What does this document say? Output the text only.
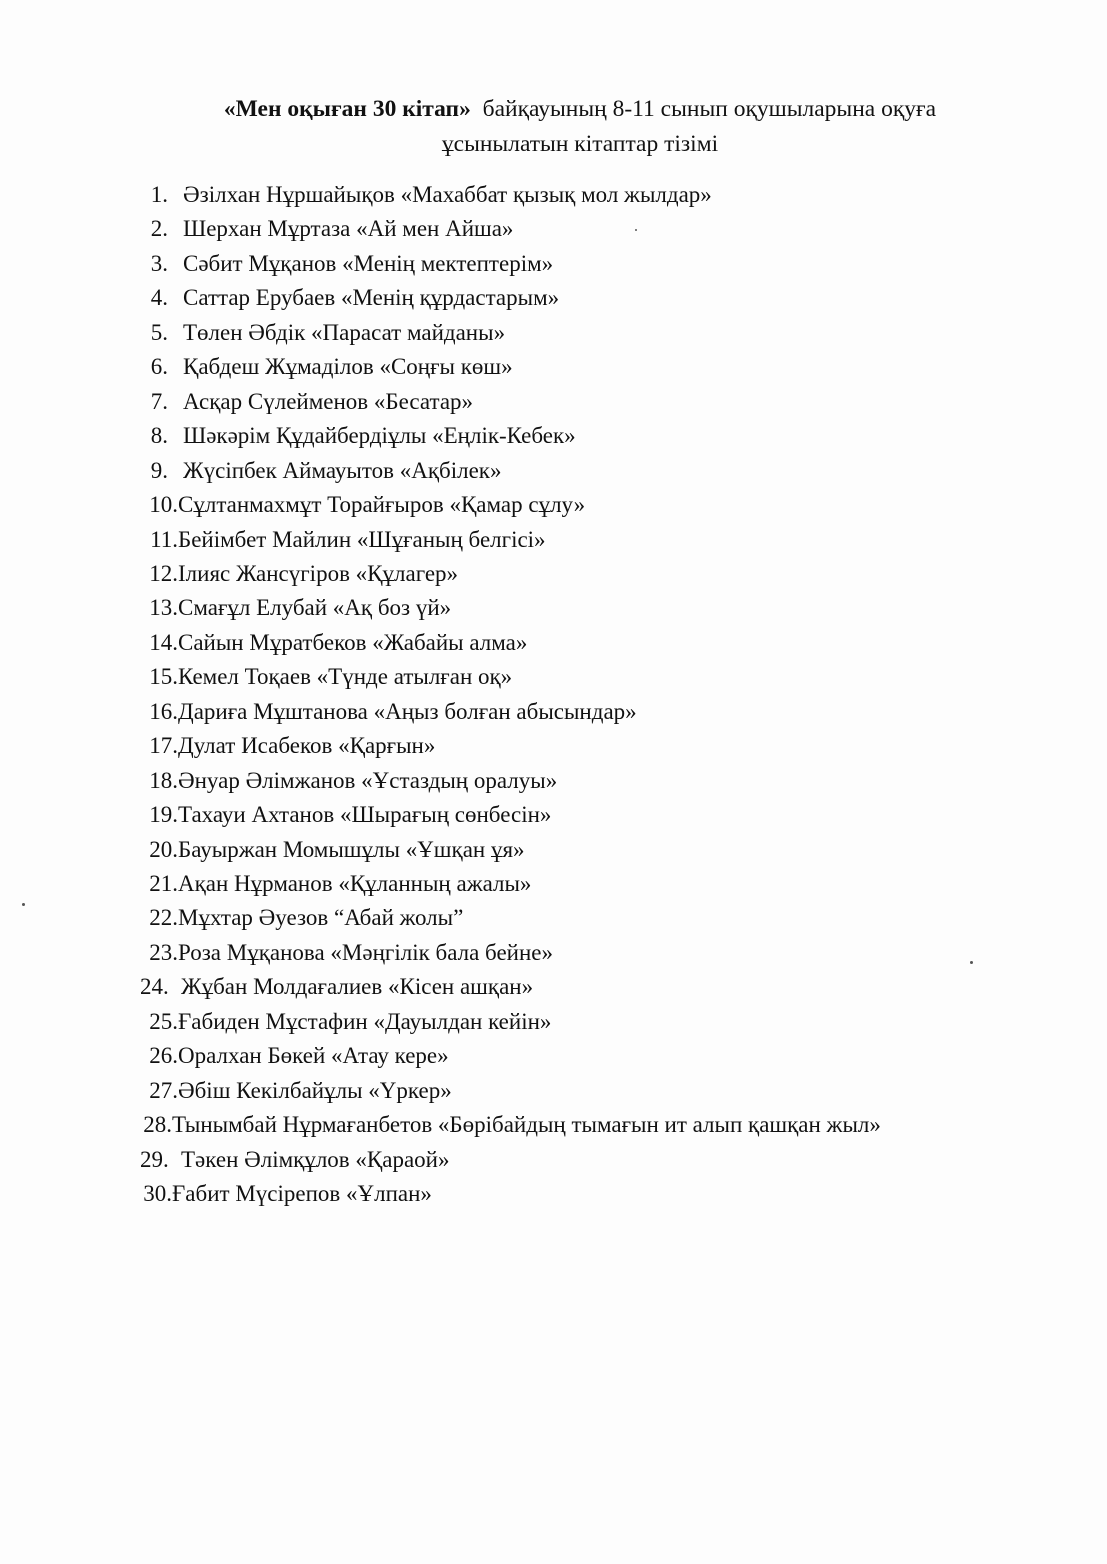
«Мен оқыған 30 кітап» байқауының 8-11 сынып оқушыларына оқуға
ұсынылатын кітаптар тізімі
1. Әзілхан Нұршайықов «Махаббат қызық мол жылдар»
2. Шерхан Мұртаза «Ай мен Айша»
3. Сәбит Мұқанов «Менің мектептерім»
4. Саттар Ерубаев «Менің құрдастарым»
5. Төлен Әбдік «Парасат майданы»
6. Қабдеш Жұмаділов «Соңғы көш»
7. Асқар Сүлейменов «Бесатар»
8. Шәкәрім Құдайбердіұлы «Еңлік-Кебек»
9. Жүсіпбек Аймауытов «Ақбілек»
10.Сұлтанмахмұт Торайғыров «Қамар сұлу»
11.Бейімбет Майлин «Шұғаның белгісі»
12.Ілияс Жансүгіров «Құлагер»
13.Смағұл Елубай «Ақ боз үй»
14.Сайын Мұратбеков «Жабайы алма»
15.Кемел Тоқаев «Түнде атылған оқ»
16.Дариға Мұштанова «Аңыз болған абысындар»
17.Дулат Исабеков «Қарғын»
18.Әнуар Әлімжанов «Ұстаздың оралуы»
19.Тахауи Ахтанов «Шырағың сөнбесін»
20.Бауыржан Момышұлы «Ұшқан ұя»
21.Ақан Нұрманов «Құланның ажалы»
22.Мұхтар Әуезов “Абай жолы”
23.Роза Мұқанова «Мәңгілік бала бейне»
24. Жұбан Молдағалиев «Кісен ашқан»
25.Ғабиден Мұстафин «Дауылдан кейін»
26.Оралхан Бөкей «Атау кере»
27.Әбіш Кекілбайұлы «Үркер»
28.Тынымбай Нұрмағанбетов «Бөрібайдың тымағын ит алып қашқан жыл»
29. Тәкен Әлімқұлов «Қараой»
30.Ғабит Мүсірепов «Ұлпан»
